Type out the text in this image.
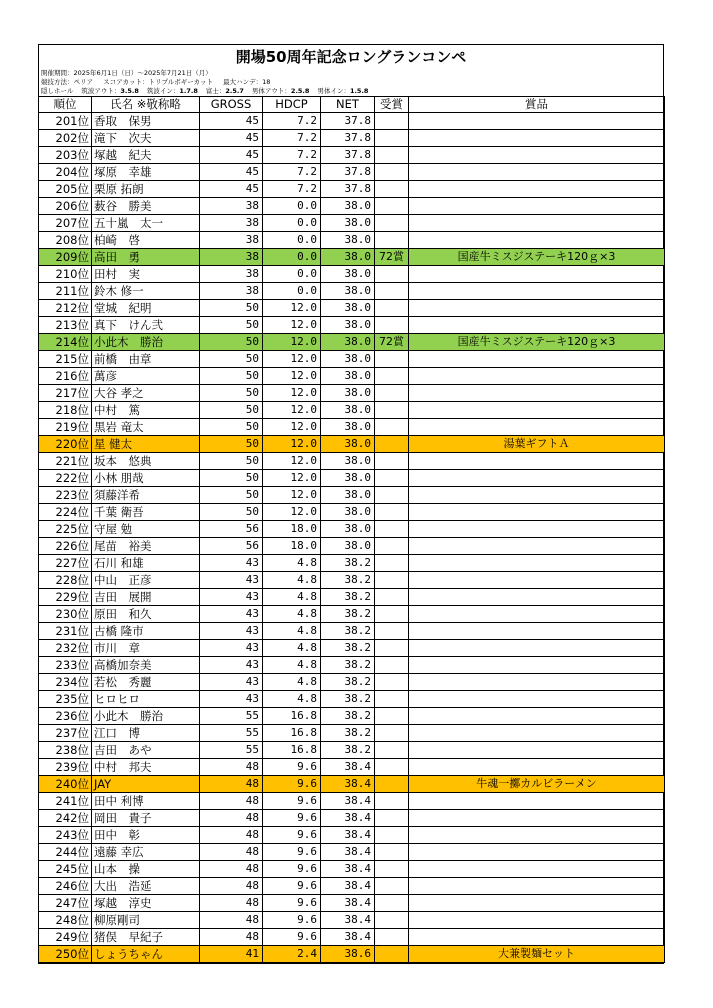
開場50周年記念ロングランコンペ
開催期間：2025年6月1日（日）〜2025年7月21日（月）
競技方法：ペリア スコアカット：トリプルボギーカット 最大ハンデ：18
隠しホール 筑波アウト：3.5.8 筑波イン：1.7.8 富士：2.5.7 男体アウト：2.5.8 男体イン：1.5.8
順位	氏名 ※敬称略	GROSS	HDCP	NET	受賞	賞品
201位	香取　保男	45	7.2	37.8		
202位	滝下　次夫	45	7.2	37.8		
203位	塚越　紀夫	45	7.2	37.8		
204位	塚原　幸雄	45	7.2	37.8		
205位	栗原 拓朗	45	7.2	37.8		
206位	薮谷　勝美	38	0.0	38.0		
207位	五十嵐　太一	38	0.0	38.0		
208位	柏崎　啓	38	0.0	38.0		
209位	高田　勇	38	0.0	38.0	72賞	国産牛ミスジステーキ120ｇ×3
210位	田村　実	38	0.0	38.0		
211位	鈴木 修一	38	0.0	38.0		
212位	堂城　紀明	50	12.0	38.0		
213位	真下　けん弐	50	12.0	38.0		
214位	小此木　勝治	50	12.0	38.0	72賞	国産牛ミスジステーキ120ｇ×3
215位	前橋　由章	50	12.0	38.0		
216位	萬彦	50	12.0	38.0		
217位	大谷 孝之	50	12.0	38.0		
218位	中村　篤	50	12.0	38.0		
219位	黒岩 竜太	50	12.0	38.0		
220位	星 健太	50	12.0	38.0		湯葉ギフトＡ
221位	坂本　悠典	50	12.0	38.0		
222位	小林 朋哉	50	12.0	38.0		
223位	須藤洋希	50	12.0	38.0		
224位	千葉 衛吾	50	12.0	38.0		
225位	守屋 勉	56	18.0	38.0		
226位	尾苗　裕美	56	18.0	38.0		
227位	石川 和雄	43	4.8	38.2		
228位	中山　正彦	43	4.8	38.2		
229位	吉田　展開	43	4.8	38.2		
230位	原田　和久	43	4.8	38.2		
231位	古橋 隆市	43	4.8	38.2		
232位	市川　章	43	4.8	38.2		
233位	高橋加奈美	43	4.8	38.2		
234位	若松　秀麗	43	4.8	38.2		
235位	ヒロヒロ	43	4.8	38.2		
236位	小此木　勝治	55	16.8	38.2		
237位	江口　博	55	16.8	38.2		
238位	吉田　あや	55	16.8	38.2		
239位	中村　邦夫	48	9.6	38.4		
240位	JAY	48	9.6	38.4		牛魂一擲カルビラーメン
241位	田中 利博	48	9.6	38.4		
242位	岡田　貴子	48	9.6	38.4		
243位	田中　彰	48	9.6	38.4		
244位	遠藤 幸広	48	9.6	38.4		
245位	山本　操	48	9.6	38.4		
246位	大出　浩延	48	9.6	38.4		
247位	塚越　淳史	48	9.6	38.4		
248位	柳原剛司	48	9.6	38.4		
249位	猪俣　早紀子	48	9.6	38.4		
250位	しょうちゃん	41	2.4	38.6		大兼製麺セット
